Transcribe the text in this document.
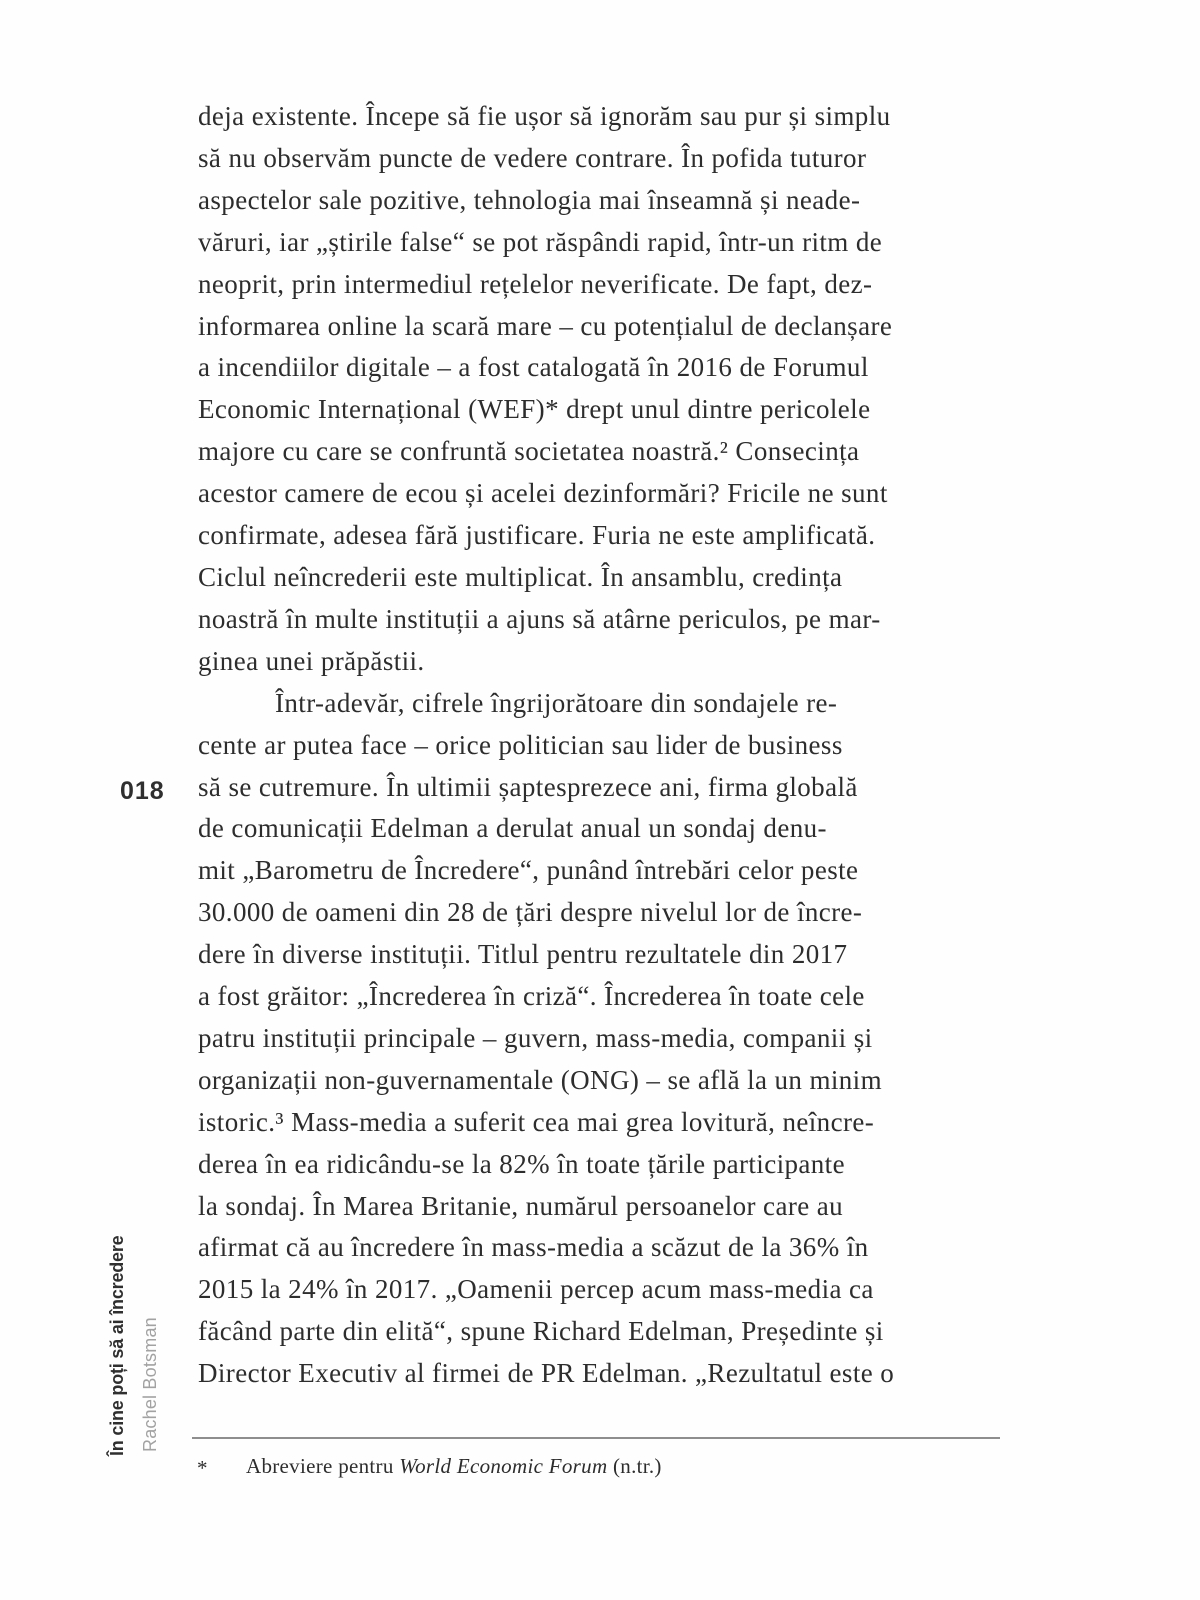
018
În cine poți să ai încredere Rachel Botsman
deja existente. Începe să fie ușor să ignorăm sau pur și simplu
să nu observăm puncte de vedere contrare. În pofida tuturor
aspectelor sale pozitive, tehnologia mai înseamnă și neade-
văruri, iar „știrile false“ se pot răspândi rapid, într-un ritm de
neoprit, prin intermediul rețelelor neverificate. De fapt, dez-
informarea online la scară mare – cu potențialul de declanșare
a incendiilor digitale – a fost catalogată în 2016 de Forumul
Economic Internațional (WEF)* drept unul dintre pericolele
majore cu care se confruntă societatea noastră.² Consecința
acestor camere de ecou și acelei dezinformări? Fricile ne sunt
confirmate, adesea fără justificare. Furia ne este amplificată.
Ciclul neîncrederii este multiplicat. În ansamblu, credința
noastră în multe instituții a ajuns să atârne periculos, pe mar-
ginea unei prăpăstii.
Într-adevăr, cifrele îngrijorătoare din sondajele re-
cente ar putea face – orice politician sau lider de business
să se cutremure. În ultimii șaptesprezece ani, firma globală
de comunicații Edelman a derulat anual un sondaj denu-
mit „Barometru de Încredere“, punând întrebări celor peste
30.000 de oameni din 28 de țări despre nivelul lor de încre-
dere în diverse instituții. Titlul pentru rezultatele din 2017
a fost grăitor: „Încrederea în criză“. Încrederea în toate cele
patru instituții principale – guvern, mass-media, companii și
organizații non-guvernamentale (ONG) – se află la un minim
istoric.³ Mass-media a suferit cea mai grea lovitură, neîncre-
derea în ea ridicându-se la 82% în toate țările participante
la sondaj. În Marea Britanie, numărul persoanelor care au
afirmat că au încredere în mass-media a scăzut de la 36% în
2015 la 24% în 2017. „Oamenii percep acum mass-media ca
făcând parte din elită“, spune Richard Edelman, Președinte și
Director Executiv al firmei de PR Edelman. „Rezultatul este o
* Abreviere pentru World Economic Forum (n.tr.)
